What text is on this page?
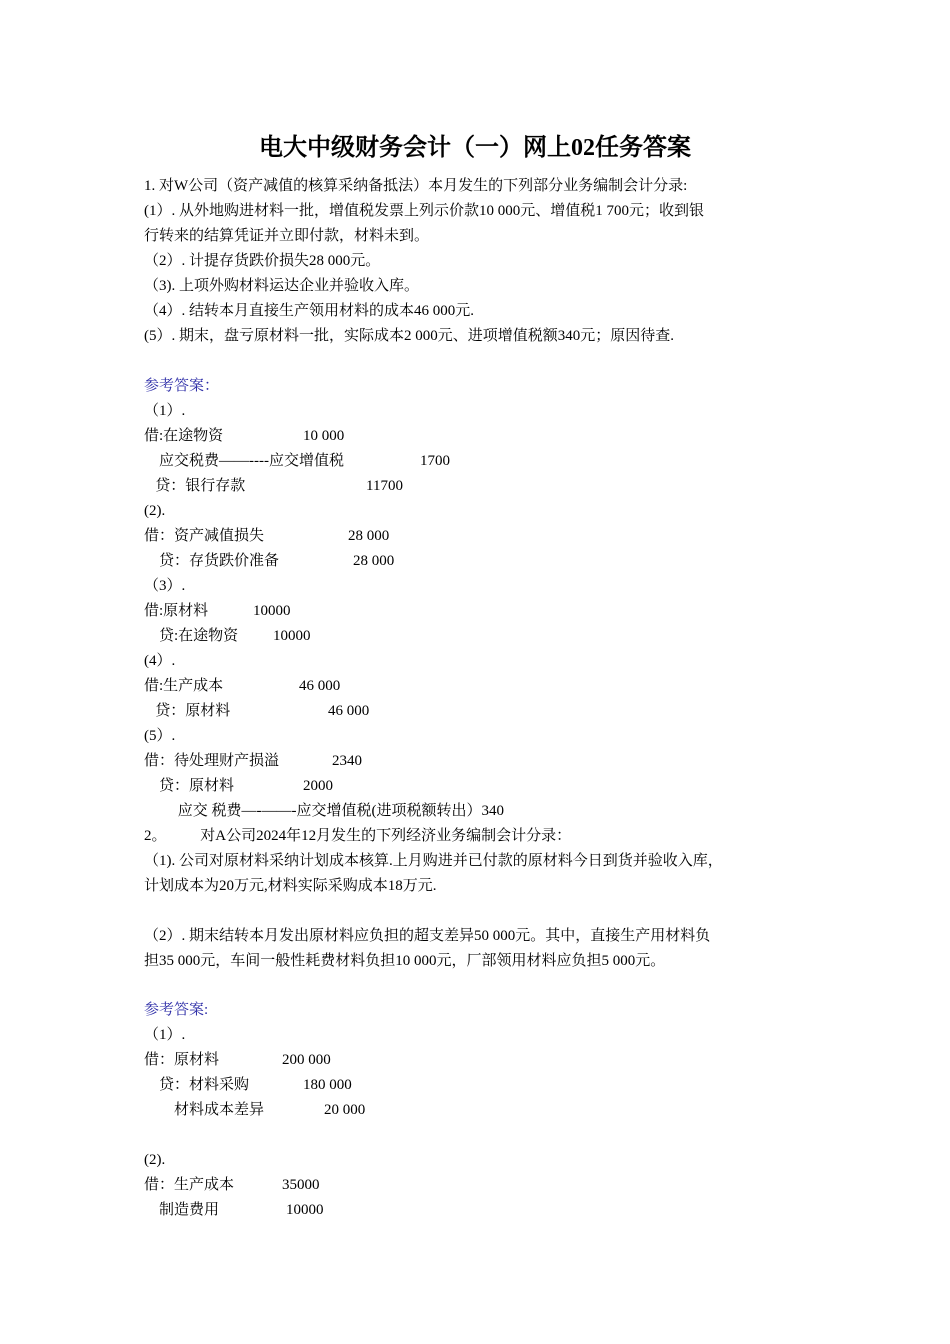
电大中级财务会计（一）网上02任务答案
1. 对W公司（资产减值的核算采纳备抵法）本月发生的下列部分业务编制会计分录:
(1）. 从外地购进材料一批，增值税发票上列示价款10 000元、增值税1 700元；收到银
行转来的结算凭证并立即付款，材料未到。
（2）. 计提存货跌价损失28 000元。
（3). 上项外购材料运达企业并验收入库。
（4）. 结转本月直接生产领用材料的成本46 000元.
(5）. 期末，盘亏原材料一批，实际成本2 000元、进项增值税额340元；原因待查.
参考答案：
（1）.
借:在途物资	10 000
应交税费——----应交增值税	1700
贷：银行存款	11700
(2).
借：资产减值损失	28 000
贷：存货跌价准备	28 000
（3）.
借:原材料	10000
贷:在途物资 10000
(4）.
借:生产成本	46 000
贷：原材料	46 000
(5）.
借：待处理财产损溢	2340
贷：原材料	2000
应交 税费—-——-应交增值税(进项税额转出）340
2。         对A公司2024年12月发生的下列经济业务编制会计分录：
（1). 公司对原材料采纳计划成本核算.上月购进并已付款的原材料今日到货并验收入库，
计划成本为20万元,材料实际采购成本18万元.
（2）. 期末结转本月发出原材料应负担的超支差异50 000元。其中，直接生产用材料负
担35 000元，车间一般性耗费材料负担10 000元，厂部领用材料应负担5 000元。
参考答案:
（1）.
借：原材料	200 000
贷：材料采购	180 000
材料成本差异	20 000
(2).
借：生产成本	35000
制造费用	10000
